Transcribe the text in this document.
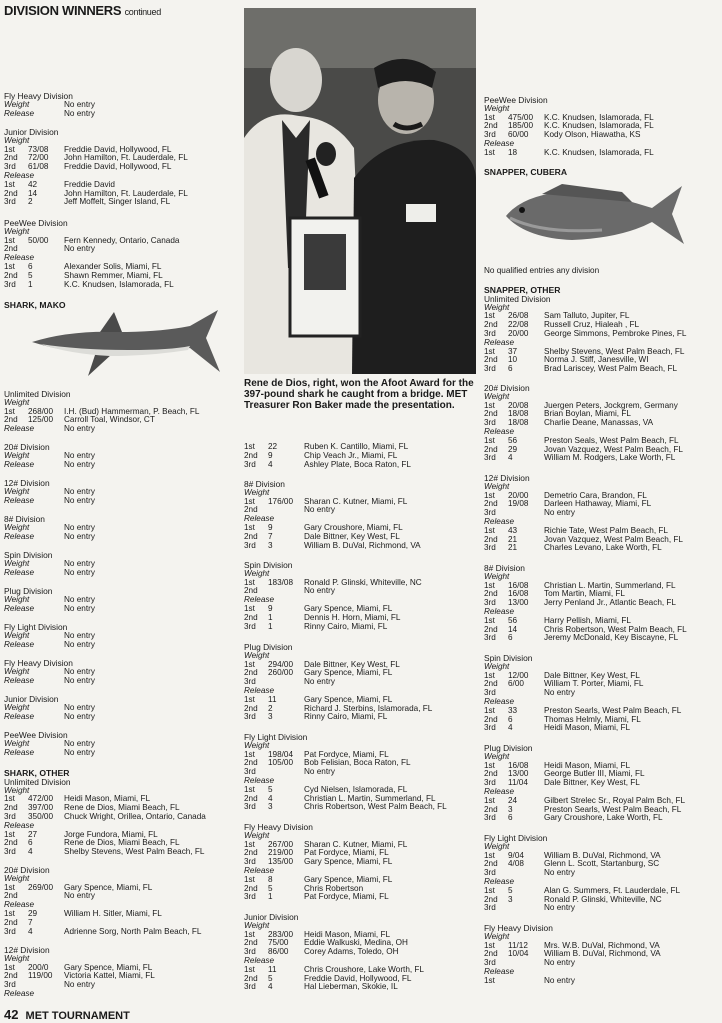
DIVISION WINNERS continued
Fly Heavy Division
Weight	No entry
Release	No entry
Junior Division
Weight
1st	73/08	Freddie David, Hollywood, FL
2nd	72/00	John Hamilton, Ft. Lauderdale, FL
3rd	61/08	Freddie David, Hollywood, FL
Release
1st	42	Freddie David
2nd	14	John Hamilton, Ft. Lauderdale, FL
3rd	2	Jeff Moffelt, Singer Island, FL
PeeWee Division
Weight
1st	50/00	Fern Kennedy, Ontario, Canada
2nd	No entry
Release
1st	6	Alexander Solis, Miami, FL
2nd	5	Shawn Remmer, Miami, FL
3rd	1	K.C. Knudsen, Islamorada, FL
SHARK, MAKO
Unlimited Division
Weight
1st	268/00	I.H. (Bud) Hammerman, P. Beach, FL
2nd	125/00	Carroll Toal, Windsor, CT
Release	No entry
20# Division
Weight	No entry
Release	No entry
12# Division
Weight	No entry
Release	No entry
8# Division
Weight	No entry
Release	No entry
Spin Division
Weight	No entry
Release	No entry
Plug Division
Weight	No entry
Release	No entry
Fly Light Division
Weight	No entry
Release	No entry
Fly Heavy Division
Weight	No entry
Release	No entry
Junior Division
Weight	No entry
Release	No entry
PeeWee Division
Weight	No entry
Release	No entry
SHARK, OTHER
Unlimited Division
Weight
1st	472/00	Heidi Mason, Miami, FL
2nd	397/00	Rene de Dios, Miami Beach, FL
3rd	350/00	Chuck Wright, Orillea, Ontario, Canada
Release
1st	27	Jorge Fundora, Miami, FL
2nd	6	Rene de Dios, Miami Beach, FL
3rd	4	Shelby Stevens, West Palm Beach, FL
20# Division
Weight
1st	269/00	Gary Spence, Miami, FL
2nd	No entry
Release
1st	29	William H. Sitler, Miami, FL
2nd	7
3rd	4	Adrienne Sorg, North Palm Beach, FL
12# Division
Weight
1st	200/0	Gary Spence, Miami, FL
2nd	119/00	Victoria Kattel, Miami, FL
3rd	No entry
Release
1st	22	Ruben K. Cantillo, Miami, FL
2nd	9	Chip Veach Jr., Miami, FL
3rd	4	Ashley Plate, Boca Raton, FL
8# Division
Weight
1st	176/00	Sharan C. Kutner, Miami, FL
2nd	No entry
Release
1st	9	Gary Croushore, Miami, FL
2nd	7	Dale Bittner, Key West, FL
3rd	3	William B. DuVal, Richmond, VA
Spin Division
Weight
1st	183/08	Ronald P. Glinski, Whiteville, NC
2nd	No entry
Release
1st	9	Gary Spence, Miami, FL
2nd	1	Dennis H. Horn, Miami, FL
3rd	1	Rinny Cairo, Miami, FL
Plug Division
Weight
1st	294/00	Dale Bittner, Key West, FL
2nd	260/00	Gary Spence, Miami, FL
3rd	No entry
Release
1st	11	Gary Spence, Miami, FL
2nd	2	Richard J. Sterbins, Islamorada, FL
3rd	3	Rinny Cairo, Miami, FL
Fly Light Division
Weight
1st	198/04	Pat Fordyce, Miami, FL
2nd	105/00	Bob Felisian, Boca Raton, FL
3rd	No entry
Release
1st	5	Cyd Nielsen, Islamorada, FL
2nd	4	Christian L. Martin, Summerland, FL
3rd	3	Chris Robertson, West Palm Beach, FL
Fly Heavy Division
Weight
1st	267/00	Sharan C. Kutner, Miami, FL
2nd	219/00	Pat Fordyce, Miami, FL
3rd	135/00	Gary Spence, Miami, FL
Release
1st	8	Gary Spence, Miami, FL
2nd	5	Chris Robertson
3rd	1	Pat Fordyce, Miami, FL
Junior Division
Weight
1st	283/00	Heidi Mason, Miami, FL
2nd	75/00	Eddie Walkuski, Medina, OH
3rd	86/00	Corey Adams, Toledo, OH
Release
1st	11	Chris Croushore, Lake Worth, FL
2nd	5	Freddie David, Hollywood, FL
3rd	4	Hal Lieberman, Skokie, IL
PeeWee Division
Weight
1st	475/00	K.C. Knudsen, Islamorada, FL
2nd	185/00	K.C. Knudsen, Islamorada, FL
3rd	60/00	Kody Olson, Hiawatha, KS
Release
1st	18	K.C. Knudsen, Islamorada, FL
SNAPPER, CUBERA
No qualified entries any division
SNAPPER, OTHER
Unlimited Division
Weight
1st	26/08	Sam Talluto, Jupiter, FL
2nd	22/08	Russell Cruz, Hialeah , FL
3rd	20/00	George Simmons, Pembroke Pines, FL
Release
1st	37	Shelby Stevens, West Palm Beach, FL
2nd	10	Norma J. Stiff, Janesville, WI
3rd	6	Brad Lariscey, West Palm Beach, FL
20# Division
Weight
1st	20/08	Juergen Peters, Jockgrem, Germany
2nd	18/08	Brian Boylan, Miami, FL
3rd	18/08	Charlie Deane, Manassas, VA
Release
1st	56	Preston Seals, West Palm Beach, FL
2nd	29	Jovan Vazquez, West Palm Beach, FL
3rd	4	William M. Rodgers, Lake Worth, FL
12# Division
Weight
1st	20/00	Demetrio Cara, Brandon, FL
2nd	19/08	Darleen Hathaway, Miami, FL
3rd	No entry
Release
1st	43	Richie Tate, West Palm Beach, FL
2nd	21	Jovan Vazquez, West Palm Beach, FL
3rd	21	Charles Levano, Lake Worth, FL
8# Division
Weight
1st	16/08	Christian L. Martin, Summerland, FL
2nd	16/08	Tom Martin, Miami, FL
3rd	13/00	Jerry Penland Jr., Atlantic Beach, FL
Release
1st	56	Harry Pellish, Miami, FL
2nd	14	Chris Robertson, West Palm Beach, FL
3rd	6	Jeremy McDonald, Key Biscayne, FL
Spin Division
Weight
1st	12/00	Dale Bittner, Key West, FL
2nd	6/00	William T. Porter, Miami, FL
3rd	No entry
Release
1st	33	Preston Searls, West Palm Beach, FL
2nd	6	Thomas Helmly, Miami, FL
3rd	4	Heidi Mason, Miami, FL
Plug Division
Weight
1st	16/08	Heidi Mason, Miami, FL
2nd	13/00	George Butler III, Miami, FL
3rd	11/04	Dale Bittner, Key West, FL
Release
1st	24	Gilbert Strelec Sr., Royal Palm Bch, FL
2nd	3	Preston Searls, West Palm Beach, FL
3rd	6	Gary Croushore, Lake Worth, FL
Fly Light Division
Weight
1st	9/04	William B. DuVal, Richmond, VA
2nd	4/08	Glenn L. Scott, Startanburg, SC
3rd	No entry
Release
1st	5	Alan G. Summers, Ft. Lauderdale, FL
2nd	3	Ronald P. Glinski, Whiteville, NC
3rd	No entry
Fly Heavy Division
Weight
1st	11/12	Mrs. W.B. DuVal, Richmond, VA
2nd	10/04	William B. DuVal, Richmond, VA
3rd	No entry
Release
1st	No entry
Rene de Dios, right, won the Afoot Award for the 397-pound shark he caught from a bridge. MET Treasurer Ron Baker made the presentation.
42 MET TOURNAMENT
